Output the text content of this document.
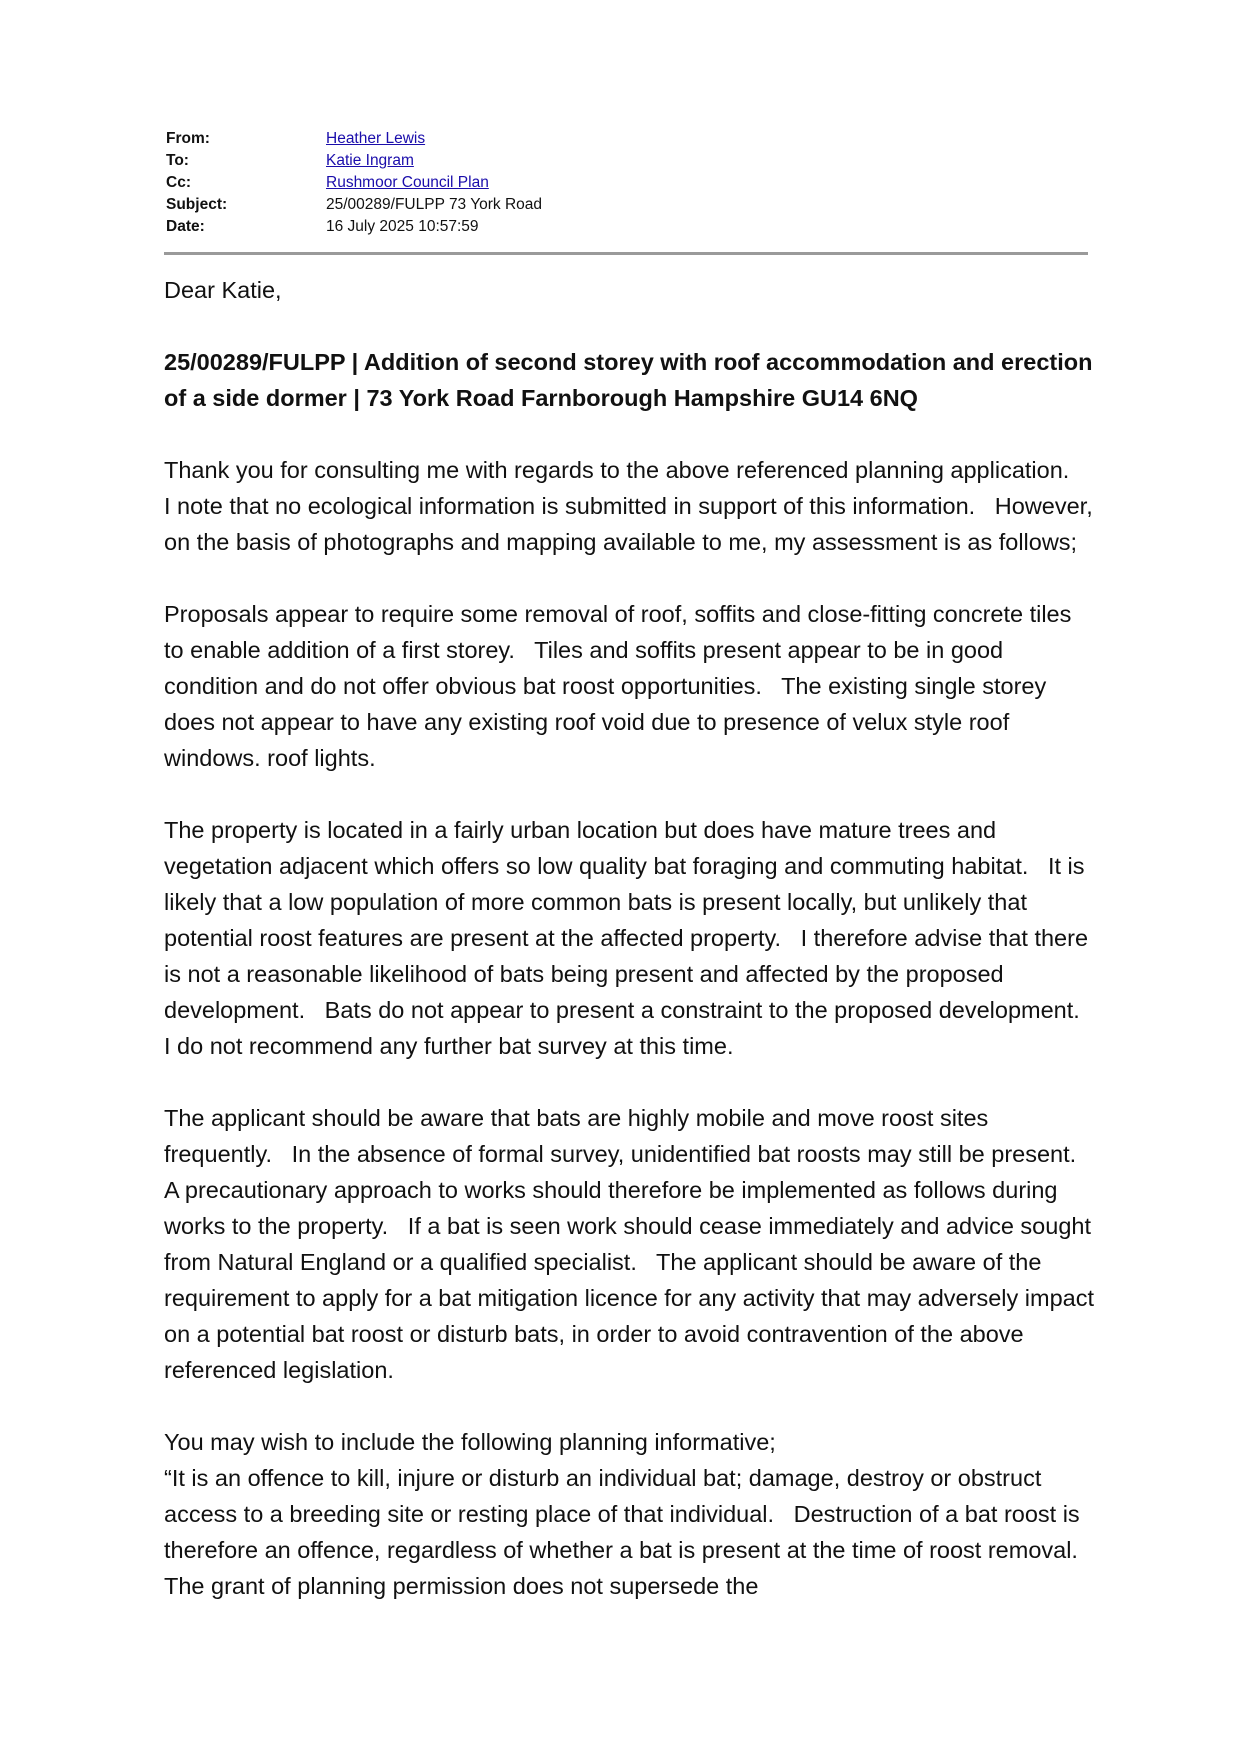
From:	Heather Lewis
To:	Katie Ingram
Cc:	Rushmoor Council Plan
Subject:	25/00289/FULPP 73 York Road
Date:	16 July 2025 10:57:59

Dear Katie,

25/00289/FULPP | Addition of second storey with roof accommodation and erection of a side dormer | 73 York Road Farnborough Hampshire GU14 6NQ

Thank you for consulting me with regards to the above referenced planning application.   I note that no ecological information is submitted in support of this information.   However, on the basis of photographs and mapping available to me, my assessment is as follows;

Proposals appear to require some removal of roof, soffits and close-fitting concrete tiles to enable addition of a first storey.   Tiles and soffits present appear to be in good condition and do not offer obvious bat roost opportunities.   The existing single storey does not appear to have any existing roof void due to presence of velux style roof windows. roof lights.

The property is located in a fairly urban location but does have mature trees and vegetation adjacent which offers so low quality bat foraging and commuting habitat.   It is likely that a low population of more common bats is present locally, but unlikely that potential roost features are present at the affected property.   I therefore advise that there is not a reasonable likelihood of bats being present and affected by the proposed development.   Bats do not appear to present a constraint to the proposed development.   I do not recommend any further bat survey at this time.

The applicant should be aware that bats are highly mobile and move roost sites frequently.   In the absence of formal survey, unidentified bat roosts may still be present.   A precautionary approach to works should therefore be implemented as follows during works to the property.   If a bat is seen work should cease immediately and advice sought from Natural England or a qualified specialist.   The applicant should be aware of the requirement to apply for a bat mitigation licence for any activity that may adversely impact on a potential bat roost or disturb bats, in order to avoid contravention of the above referenced legislation.

You may wish to include the following planning informative;

“It is an offence to kill, injure or disturb an individual bat; damage, destroy or obstruct access to a breeding site or resting place of that individual.   Destruction of a bat roost is therefore an offence, regardless of whether a bat is present at the time of roost removal.   The grant of planning permission does not supersede the
